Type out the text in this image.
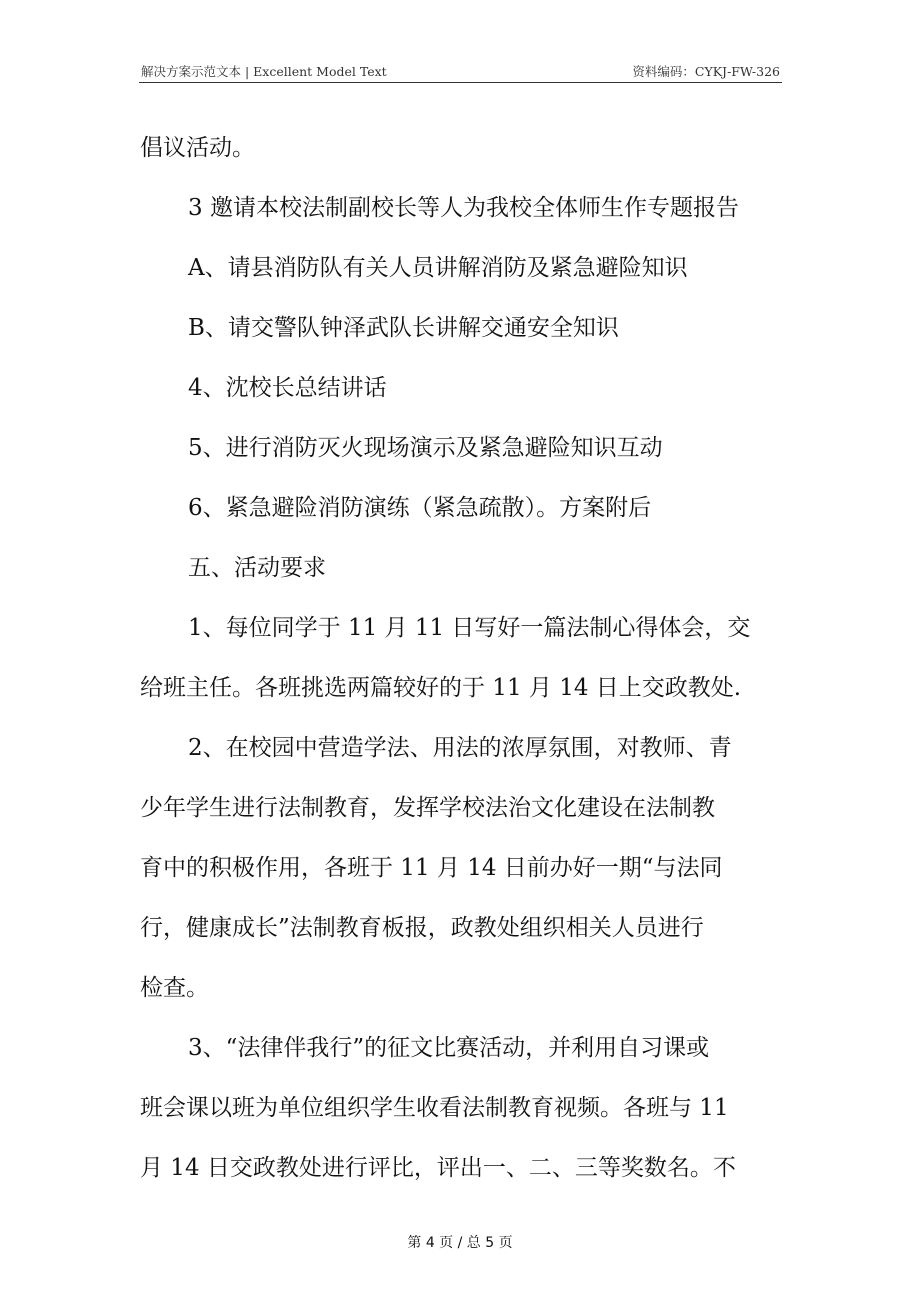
解决方案示范文本 | Excellent Model Text	资料编码：CYKJ-FW-326

倡议活动。

3 邀请本校法制副校长等人为我校全体师生作专题报告

A、请县消防队有关人员讲解消防及紧急避险知识

B、请交警队钟泽武队长讲解交通安全知识

4、沈校长总结讲话

5、进行消防灭火现场演示及紧急避险知识互动

6、紧急避险消防演练（紧急疏散）。方案附后

五、活动要求

1、每位同学于 11 月 11 日写好一篇法制心得体会，交

给班主任。各班挑选两篇较好的于 11 月 14 日上交政教处.

2、在校园中营造学法、用法的浓厚氛围，对教师、青

少年学生进行法制教育，发挥学校法治文化建设在法制教

育中的积极作用，各班于 11 月 14 日前办好一期“与法同

行，健康成长”法制教育板报，政教处组织相关人员进行

检查。

3、“法律伴我行”的征文比赛活动，并利用自习课或

班会课以班为单位组织学生收看法制教育视频。各班与 11

月 14 日交政教处进行评比，评出一、二、三等奖数名。不

第 4 页 / 总 5 页
